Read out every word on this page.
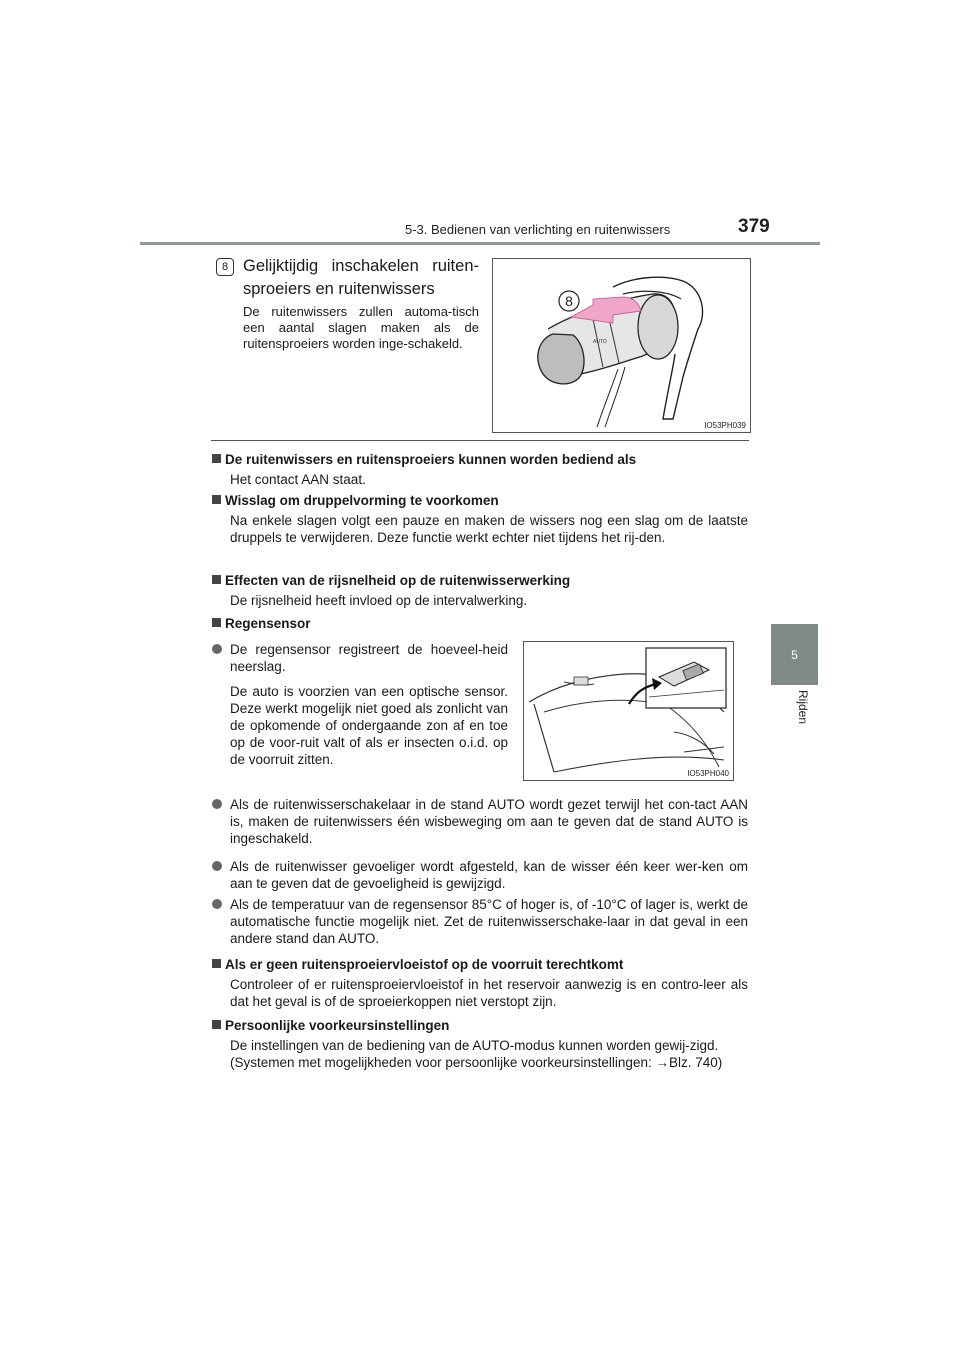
5-3. Bedienen van verlichting en ruitenwissers	379
5
Rijden
8 Gelijktijdig inschakelen ruiten-sproeiers en ruitenwissers
De ruitenwissers zullen automa-tisch een aantal slagen maken als de ruitensproeiers worden inge-schakeld.	AUTO
8
IO53PH039
De ruitenwissers en ruitensproeiers kunnen worden bediend als
Het contact AAN staat.
Wisslag om druppelvorming te voorkomen
Na enkele slagen volgt een pauze en maken de wissers nog een slag om de laatste druppels te verwijderen. Deze functie werkt echter niet tijdens het rij-den.
Effecten van de rijsnelheid op de ruitenwisserwerking
De rijsnelheid heeft invloed op de intervalwerking.
Regensensor
De regensensor registreert de hoeveel-heid neerslag.
De auto is voorzien van een optische sensor. Deze werkt mogelijk niet goed als zonlicht van de opkomende of ondergaande zon af en toe op de voor-ruit valt of als er insecten o.i.d. op de voorruit zitten.
IO53PH040
Als de ruitenwisserschakelaar in de stand AUTO wordt gezet terwijl het con-tact AAN is, maken de ruitenwissers één wisbeweging om aan te geven dat de stand AUTO is ingeschakeld.
Als de ruitenwisser gevoeliger wordt afgesteld, kan de wisser één keer wer-ken om aan te geven dat de gevoeligheid is gewijzigd.
Als de temperatuur van de regensensor 85°C of hoger is, of -10°C of lager is, werkt de automatische functie mogelijk niet. Zet de ruitenwisserschake-laar in dat geval in een andere stand dan AUTO.
Als er geen ruitensproeiervloeistof op de voorruit terechtkomt
Controleer of er ruitensproeiervloeistof in het reservoir aanwezig is en contro-leer als dat het geval is of de sproeierkoppen niet verstopt zijn.
Persoonlijke voorkeursinstellingen
De instellingen van de bediening van de AUTO-modus kunnen worden gewij-zigd.
(Systemen met mogelijkheden voor persoonlijke voorkeursinstellingen: →Blz. 740)
